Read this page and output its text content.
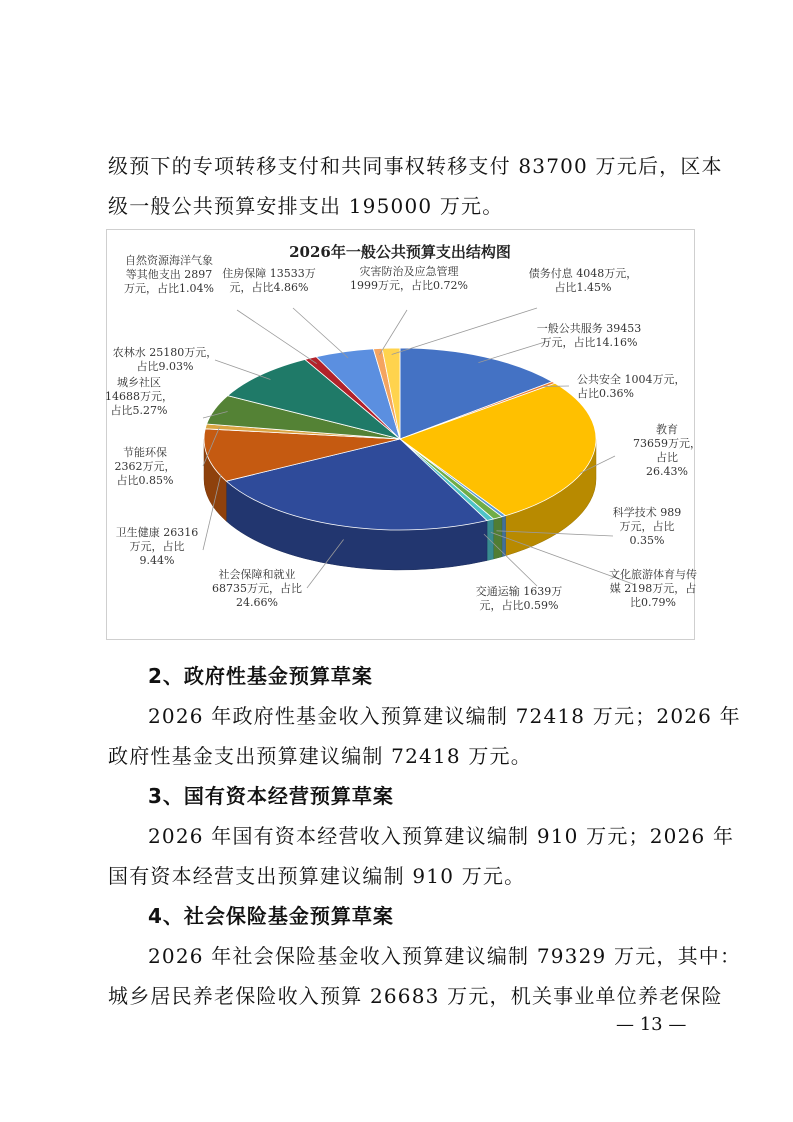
级预下的专项转移支付和共同事权转移支付 83700 万元后，区本
级一般公共预算安排支出 195000 万元。
2026年一般公共预算支出结构图
一般公共服务 39453 万元，占比14.16%
公共安全 1004万元，占比0.36%
教育 73659万元，占比 26.43%
科学技术 989 万元，占比 0.35%
文化旅游体育与传媒 2198万元，占比0.79%
交通运输 1639万元，占比0.59%
社会保障和就业 68735万元，占比 24.66%
卫生健康 26316 万元，占比 9.44%
节能环保 2362万元，占比0.85%
城乡社区 14688万元，占比5.27%
农林水 25180万元，占比9.03%
自然资源海洋气象等其他支出 2897 万元，占比1.04%
住房保障 13533万元，占比4.86%
灾害防治及应急管理 1999万元，占比0.72%
债务付息 4048万元，占比1.45%
2、政府性基金预算草案
2026 年政府性基金收入预算建议编制 72418 万元；2026 年
政府性基金支出预算建议编制 72418 万元。
3、国有资本经营预算草案
2026 年国有资本经营收入预算建议编制 910 万元；2026 年
国有资本经营支出预算建议编制 910 万元。
4、社会保险基金预算草案
2026 年社会保险基金收入预算建议编制 79329 万元，其中：
城乡居民养老保险收入预算 26683 万元，机关事业单位养老保险
— 13 —
